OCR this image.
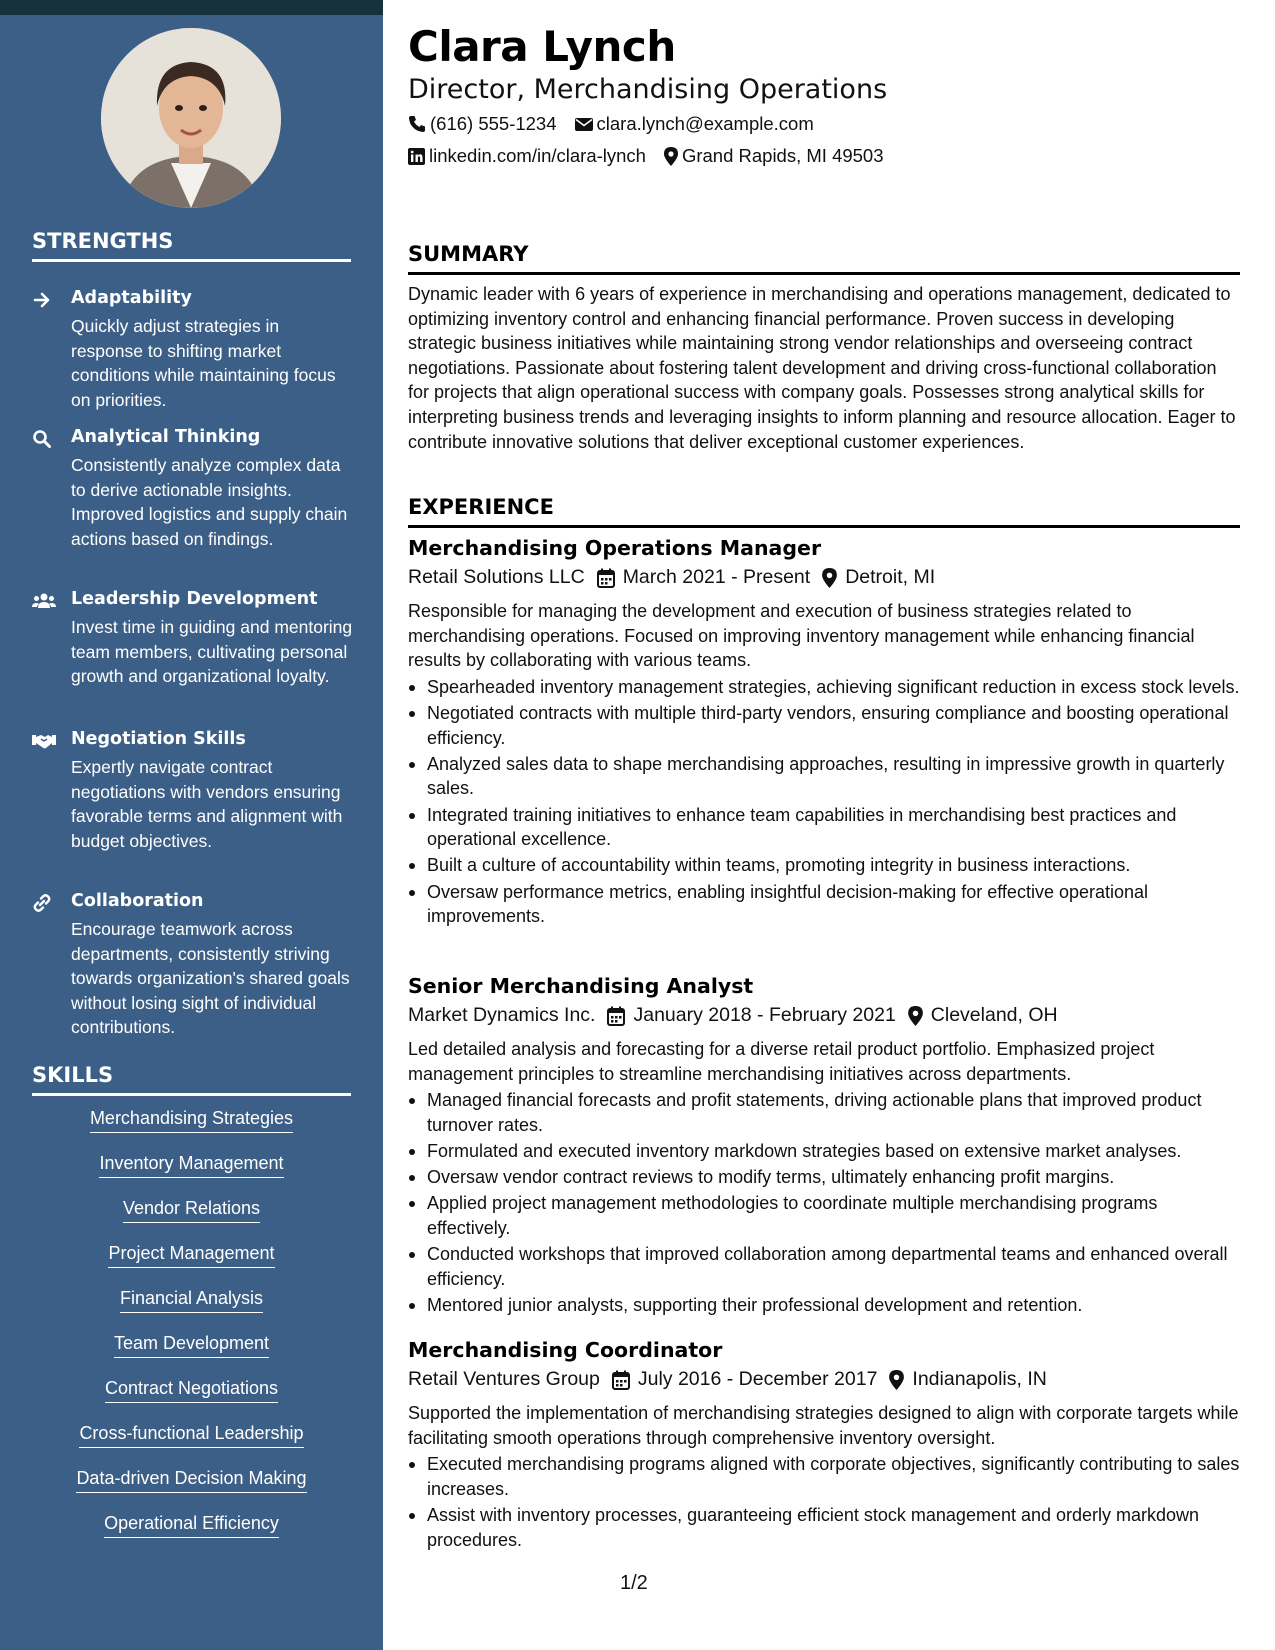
STRENGTHS
Adaptability
Quickly adjust strategies in response to shifting market conditions while maintaining focus on priorities.
Analytical Thinking
Consistently analyze complex data to derive actionable insights. Improved logistics and supply chain actions based on findings.
Leadership Development
Invest time in guiding and mentoring team members, cultivating personal growth and organizational loyalty.
Negotiation Skills
Expertly navigate contract negotiations with vendors ensuring favorable terms and alignment with budget objectives.
Collaboration
Encourage teamwork across departments, consistently striving towards organization's shared goals without losing sight of individual contributions.
SKILLS
Merchandising Strategies
Inventory Management
Vendor Relations
Project Management
Financial Analysis
Team Development
Contract Negotiations
Cross-functional Leadership
Data-driven Decision Making
Operational Efficiency
Clara Lynch
Director, Merchandising Operations
(616) 555-1234 clara.lynch@example.com
linkedin.com/in/clara-lynch Grand Rapids, MI 49503
SUMMARY
Dynamic leader with 6 years of experience in merchandising and operations management, dedicated to optimizing inventory control and enhancing financial performance. Proven success in developing strategic business initiatives while maintaining strong vendor relationships and overseeing contract negotiations. Passionate about fostering talent development and driving cross-functional collaboration for projects that align operational success with company goals. Possesses strong analytical skills for interpreting business trends and leveraging insights to inform planning and resource allocation. Eager to contribute innovative solutions that deliver exceptional customer experiences.
EXPERIENCE
Merchandising Operations Manager
Retail Solutions LLC March 2021 - Present Detroit, MI
Responsible for managing the development and execution of business strategies related to merchandising operations. Focused on improving inventory management while enhancing financial results by collaborating with various teams.
Spearheaded inventory management strategies, achieving significant reduction in excess stock levels.
Negotiated contracts with multiple third-party vendors, ensuring compliance and boosting operational efficiency.
Analyzed sales data to shape merchandising approaches, resulting in impressive growth in quarterly sales.
Integrated training initiatives to enhance team capabilities in merchandising best practices and operational excellence.
Built a culture of accountability within teams, promoting integrity in business interactions.
Oversaw performance metrics, enabling insightful decision-making for effective operational improvements.
Senior Merchandising Analyst
Market Dynamics Inc. January 2018 - February 2021 Cleveland, OH
Led detailed analysis and forecasting for a diverse retail product portfolio. Emphasized project management principles to streamline merchandising initiatives across departments.
Managed financial forecasts and profit statements, driving actionable plans that improved product turnover rates.
Formulated and executed inventory markdown strategies based on extensive market analyses.
Oversaw vendor contract reviews to modify terms, ultimately enhancing profit margins.
Applied project management methodologies to coordinate multiple merchandising programs effectively.
Conducted workshops that improved collaboration among departmental teams and enhanced overall efficiency.
Mentored junior analysts, supporting their professional development and retention.
Merchandising Coordinator
Retail Ventures Group July 2016 - December 2017 Indianapolis, IN
Supported the implementation of merchandising strategies designed to align with corporate targets while facilitating smooth operations through comprehensive inventory oversight.
Executed merchandising programs aligned with corporate objectives, significantly contributing to sales increases.
Assist with inventory processes, guaranteeing efficient stock management and orderly markdown procedures.
1/2
